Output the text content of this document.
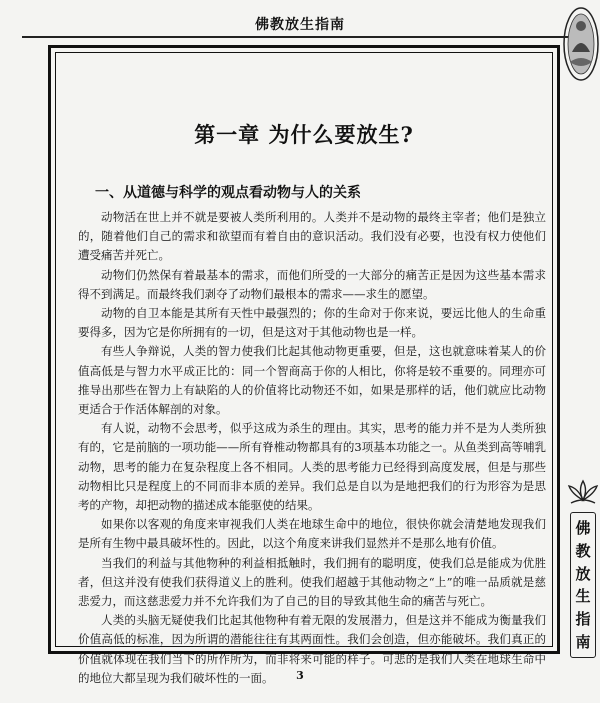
佛教放生指南
第一章 为什么要放生?
一、从道德与科学的观点看动物与人的关系

动物活在世上并不就是要被人类所利用的。人类并不是动物的最终主宰者；他们是独立的，随着他们自己的需求和欲望而有着自由的意识活动。我们没有必要，也没有权力使他们遭受痛苦并死亡。

动物们仍然保有着最基本的需求，而他们所受的一大部分的痛苦正是因为这些基本需求得不到满足。而最终我们剥夺了动物们最根本的需求——求生的愿望。

动物的自卫本能是其所有天性中最强烈的；你的生命对于你来说，要远比他人的生命重要得多，因为它是你所拥有的一切，但是这对于其他动物也是一样。

有些人争辩说，人类的智力使我们比起其他动物更重要，但是，这也就意味着某人的价值高低是与智力水平成正比的：同一个智商高于你的人相比，你将是较不重要的。同理亦可推导出那些在智力上有缺陷的人的价值将比动物还不如，如果是那样的话，他们就应比动物更适合于作活体解剖的对象。

有人说，动物不会思考，似乎这成为杀生的理由。其实，思考的能力并不是为人类所独有的，它是前脑的一项功能——所有脊椎动物都具有的3项基本功能之一。从鱼类到高等哺乳动物，思考的能力在复杂程度上各不相同。人类的思考能力已经得到高度发展，但是与那些动物相比只是程度上的不同而非本质的差异。我们总是自以为是地把我们的行为形容为是思考的产物，却把动物的描述成本能驱使的结果。

如果你以客观的角度来审视我们人类在地球生命中的地位，很快你就会清楚地发现我们是所有生物中最具破坏性的。因此，以这个角度来讲我们显然并不是那么地有价值。

当我们的利益与其他物种的利益相抵触时，我们拥有的聪明度，使我们总是能成为优胜者，但这并没有使我们获得道义上的胜利。使我们超越于其他动物之“上”的唯一品质就是慈悲爱力，而这慈悲爱力并不允许我们为了自己的目的导致其他生命的痛苦与死亡。

人类的头脑无疑使我们比起其他物种有着无限的发展潜力，但是这并不能成为衡量我们价值高低的标准，因为所谓的潜能往往有其两面性。我们会创造，但亦能破坏。我们真正的价值就体现在我们当下的所作所为，而非将来可能的样子。可悲的是我们人类在地球生命中的地位大都呈现为我们破坏性的一面。	3
佛
教
放
生
指
南
